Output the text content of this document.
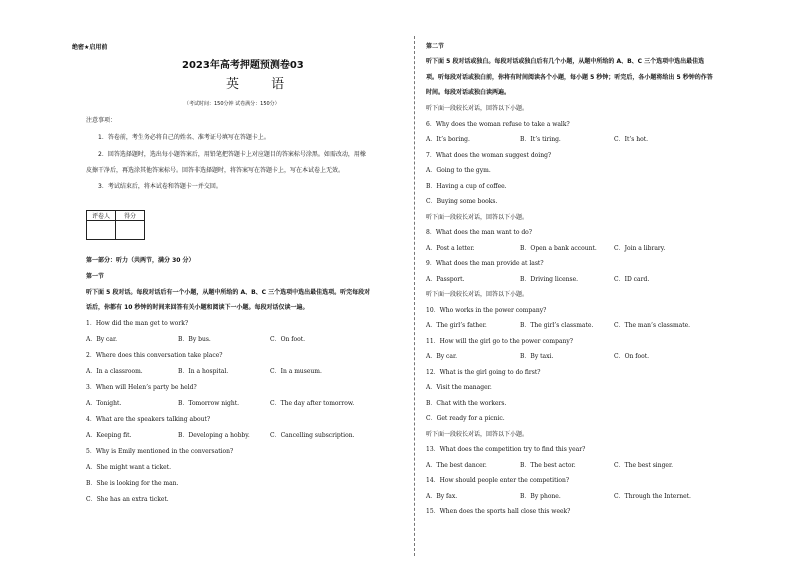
绝密★启用前
2023年高考押题预测卷03
英 语
（考试时间：150分钟 试卷满分：150分）
注意事项：
1．答卷前，考生务必将自己的姓名、准考证号填写在答题卡上。
2．回答选择题时，选出每小题答案后，用铅笔把答题卡上对应题目的答案标号涂黑。如需改动，用橡
皮擦干净后，再选涂其他答案标号。回答非选择题时，将答案写在答题卡上，写在本试卷上无效。
3．考试结束后，将本试卷和答题卡一并交回。
评卷人	得分

第一部分：听力（共两节，满分 30 分）
第一节
听下面 5 段对话。每段对话后有一个小题，从题中所给的 A、B、C 三个选项中选出最佳选项。听完每段对
话后，你都有 10 秒钟的时间来回答有关小题和阅读下一小题。每段对话仅读一遍。
1．How did the man get to work?
A．By car.	B．By bus.	C．On foot.
2．Where does this conversation take place?
A．In a classroom.	B．In a hospital.	C．In a museum.
3．When will Helen’s party be held?
A．Tonight.	B．Tomorrow night.	C．The day after tomorrow.
4．What are the speakers talking about?
A．Keeping fit.	B．Developing a hobby.	C．Cancelling subscription.
5．Why is Emily mentioned in the conversation?
A．She might want a ticket.
B．She is looking for the man.
C．She has an extra ticket.
第二节
听下面 5 段对话或独白。每段对话或独白后有几个小题，从题中所给的 A、B、C 三个选项中选出最佳选
项。听每段对话或独白前，你将有时间阅读各个小题，每小题 5 秒钟；听完后，各小题将给出 5 秒钟的作答
时间。每段对话或独白读两遍。
听下面一段较长对话，回答以下小题。
6．Why does the woman refuse to take a walk?
A．It’s boring.	B．It’s tiring.	C．It’s hot.
7．What does the woman suggest doing?
A．Going to the gym.
B．Having a cup of coffee.
C．Buying some books.
听下面一段较长对话，回答以下小题。
8．What does the man want to do?
A．Post a letter.	B．Open a bank account.	C．Join a library.
9．What does the man provide at last?
A．Passport.	B．Driving license.	C．ID card.
听下面一段较长对话，回答以下小题。
10．Who works in the power company?
A．The girl’s father.	B．The girl’s classmate.	C．The man’s classmate.
11．How will the girl go to the power company?
A．By car.	B．By taxi.	C．On foot.
12．What is the girl going to do first?
A．Visit the manager.
B．Chat with the workers.
C．Get ready for a picnic.
听下面一段较长对话，回答以下小题。
13．What does the competition try to find this year?
A．The best dancer.	B．The best actor.	C．The best singer.
14．How should people enter the competition?
A．By fax.	B．By phone.	C．Through the Internet.
15．When does the sports hall close this week?
